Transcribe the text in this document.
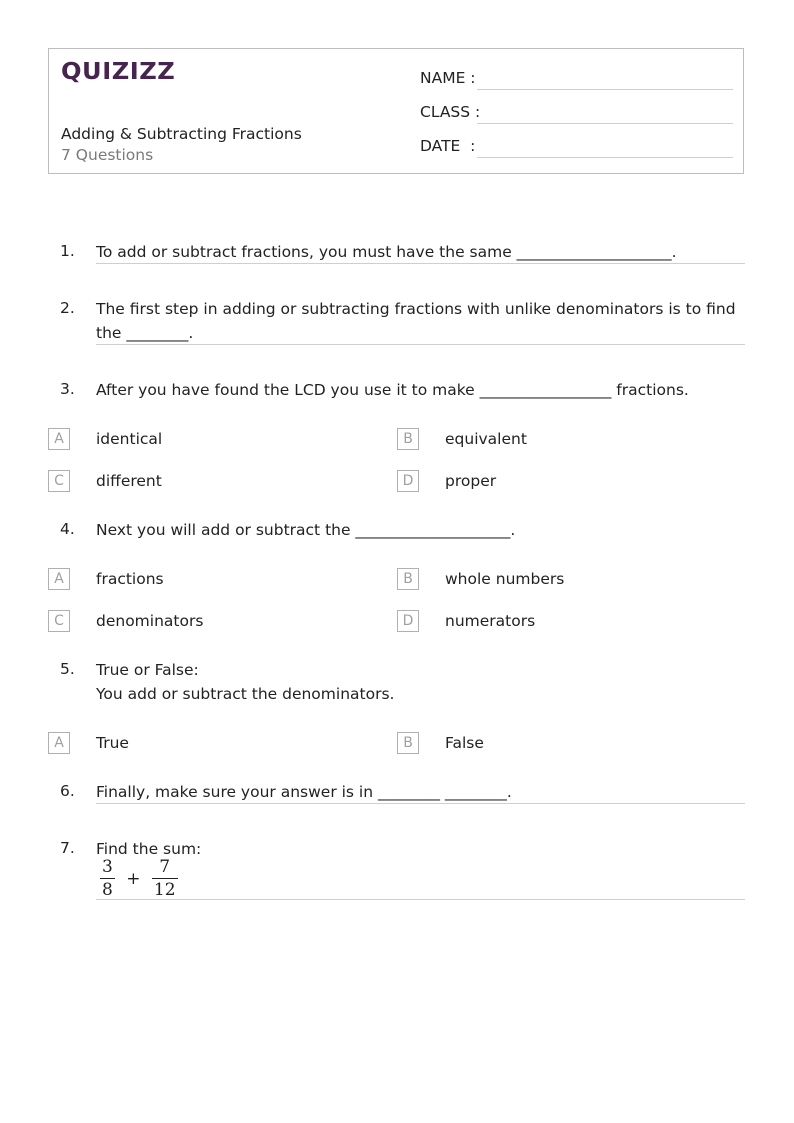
QUIZIZZ
Adding & Subtracting Fractions
7 Questions
NAME :
CLASS :
DATE  :
1. To add or subtract fractions, you must have the same ____________________.
2. The first step in adding or subtracting fractions with unlike denominators is to find the ________.
3. After you have found the LCD you use it to make _________________ fractions.
A	identical	B	equivalent
C	different	D	proper
4. Next you will add or subtract the ____________________.
A	fractions	B	whole numbers
C	denominators	D	numerators
5. True or False:
You add or subtract the denominators.
A	True	B	False
6. Finally, make sure your answer is in ________ ________.
7. Find the sum:
$\frac{3}{8} + \frac{7}{12}$
